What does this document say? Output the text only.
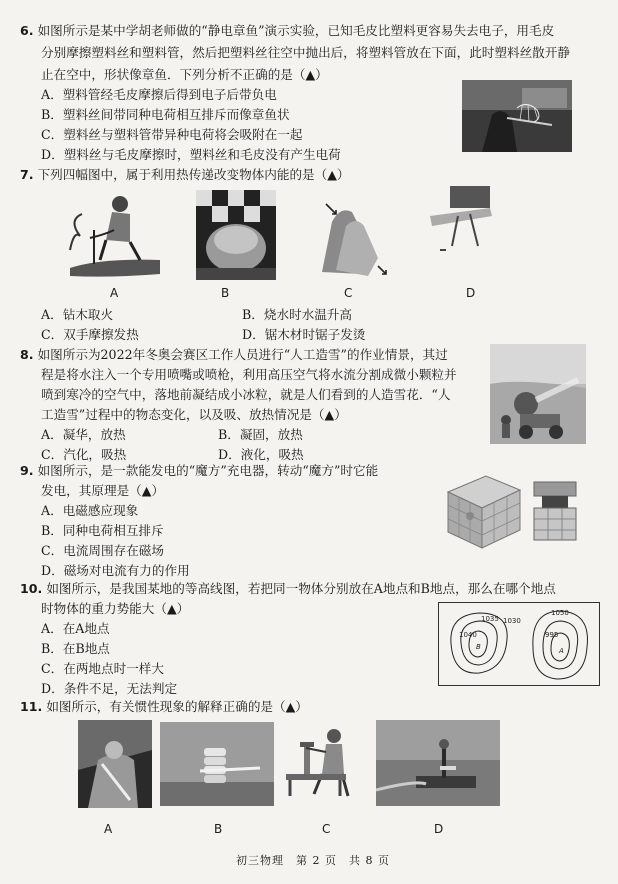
6. 如图所示是某中学胡老师做的“静电章鱼”演示实验，已知毛皮比塑料更容易失去电子，用毛皮
分别摩擦塑料丝和塑料管，然后把塑料丝往空中抛出后，将塑料管放在下面，此时塑料丝散开静
止在空中，形状像章鱼．下列分析不正确的是（▲）
A．塑料管经毛皮摩擦后得到电子后带负电
B．塑料丝间带同种电荷相互排斥而像章鱼状
C．塑料丝与塑料管带异种电荷将会吸附在一起
D．塑料丝与毛皮摩擦时，塑料丝和毛皮没有产生电荷
7. 下列四幅图中，属于利用热传递改变物体内能的是（▲）
A	B	C	D
A．钻木取火	B．烧水时水温升高
C．双手摩擦发热	D．锯木材时锯子发烫
8. 如图所示为2022年冬奥会赛区工作人员进行“人工造雪”的作业情景，其过
程是将水注入一个专用喷嘴或喷枪，利用高压空气将水流分割成微小颗粒并
喷到寒冷的空气中，落地前凝结成小冰粒，就是人们看到的人造雪花．“人
工造雪”过程中的物态变化，以及吸、放热情况是（▲）
A．凝华，放热	B．凝固，放热
C．汽化，吸热	D．液化，吸热
9. 如图所示，是一款能发电的“魔方”充电器，转动“魔方”时它能
发电，其原理是（▲）
A．电磁感应现象
B．同种电荷相互排斥
C．电流周围存在磁场
D．磁场对电流有力的作用
10. 如图所示，是我国某地的等高线图，若把同一物体分别放在A地点和B地点，那么在哪个地点
时物体的重力势能大（▲）
A．在A地点
B．在B地点
C．在两地点时一样大
D．条件不足，无法判定
1035 1030
1040
B
1050
995
A
11. 如图所示，有关惯性现象的解释正确的是（▲）
A	B	C	D
初三物理　第 2 页　共 8 页
